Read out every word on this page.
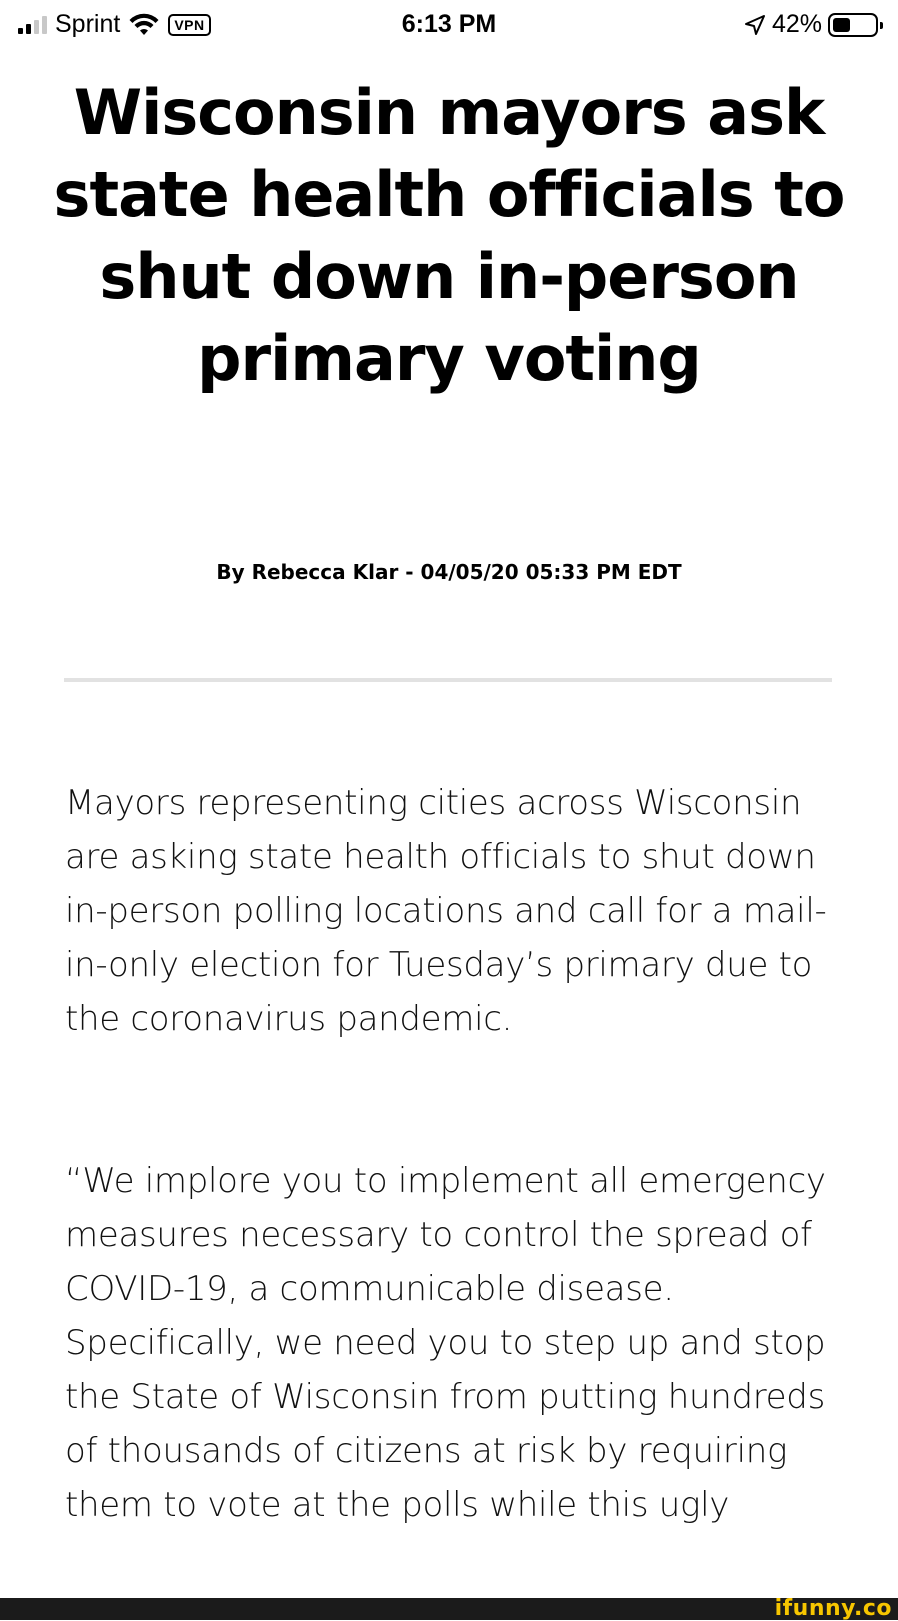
Sprint	VPN	6:13 PM	42%
Wisconsin mayors ask state health officials to shut down in-person primary voting
By Rebecca Klar - 04/05/20 05:33 PM EDT

Mayors representing cities across Wisconsin are asking state health officials to shut down in-person polling locations and call for a mail-in-only election for Tuesday’s primary due to the coronavirus pandemic.

“We implore you to implement all emergency measures necessary to control the spread of COVID-19, a communicable disease. Specifically, we need you to step up and stop the State of Wisconsin from putting hundreds of thousands of citizens at risk by requiring them to vote at the polls while this ugly

ifunny.co
